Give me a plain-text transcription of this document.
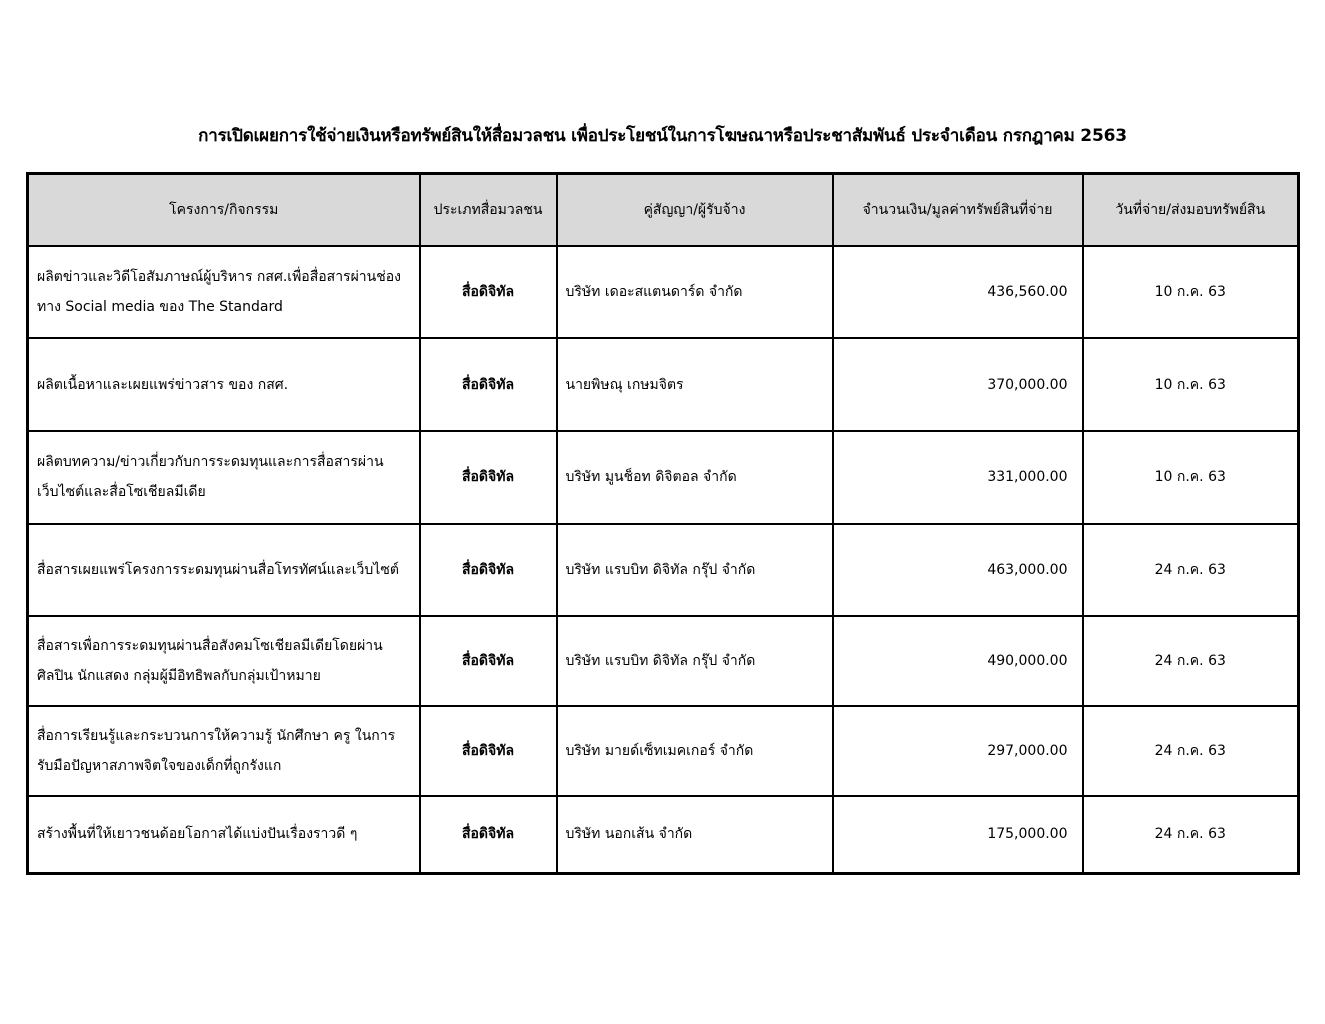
การเปิดเผยการใช้จ่ายเงินหรือทรัพย์สินให้สื่อมวลชน เพื่อประโยชน์ในการโฆษณาหรือประชาสัมพันธ์ ประจำเดือน กรกฎาคม 2563
โครงการ/กิจกรรม	ประเภทสื่อมวลชน	คู่สัญญา/ผู้รับจ้าง	จำนวนเงิน/มูลค่าทรัพย์สินที่จ่าย	วันที่จ่าย/ส่งมอบทรัพย์สิน
ผลิตข่าวและวิดีโอสัมภาษณ์ผู้บริหาร กสศ.เพื่อสื่อสารผ่านช่องทาง Social media ของ The Standard	สื่อดิจิทัล	บริษัท เดอะสแตนดาร์ด จำกัด	436,560.00	10 ก.ค. 63
ผลิตเนื้อหาและเผยแพร่ข่าวสาร ของ กสศ.	สื่อดิจิทัล	นายพิษณุ เกษมจิตร	370,000.00	10 ก.ค. 63
ผลิตบทความ/ข่าวเกี่ยวกับการระดมทุนและการสื่อสารผ่านเว็บไซต์และสื่อโซเชียลมีเดีย	สื่อดิจิทัล	บริษัท มูนช็อท ดิจิตอล จำกัด	331,000.00	10 ก.ค. 63
สื่อสารเผยแพร่โครงการระดมทุนผ่านสื่อโทรทัศน์และเว็บไซต์	สื่อดิจิทัล	บริษัท แรบบิท ดิจิทัล กรุ๊ป จำกัด	463,000.00	24 ก.ค. 63
สื่อสารเพื่อการระดมทุนผ่านสื่อสังคมโซเชียลมีเดียโดยผ่านศิลปิน นักแสดง กลุ่มผู้มีอิทธิพลกับกลุ่มเป้าหมาย	สื่อดิจิทัล	บริษัท แรบบิท ดิจิทัล กรุ๊ป จำกัด	490,000.00	24 ก.ค. 63
สื่อการเรียนรู้และกระบวนการให้ความรู้ นักศึกษา ครู ในการรับมือปัญหาสภาพจิตใจของเด็กที่ถูกรังแก	สื่อดิจิทัล	บริษัท มายด์เซ็ทเมคเกอร์ จำกัด	297,000.00	24 ก.ค. 63
สร้างพื้นที่ให้เยาวชนด้อยโอกาสได้แบ่งปันเรื่องราวดี ๆ	สื่อดิจิทัล	บริษัท นอกเส้น จำกัด	175,000.00	24 ก.ค. 63
